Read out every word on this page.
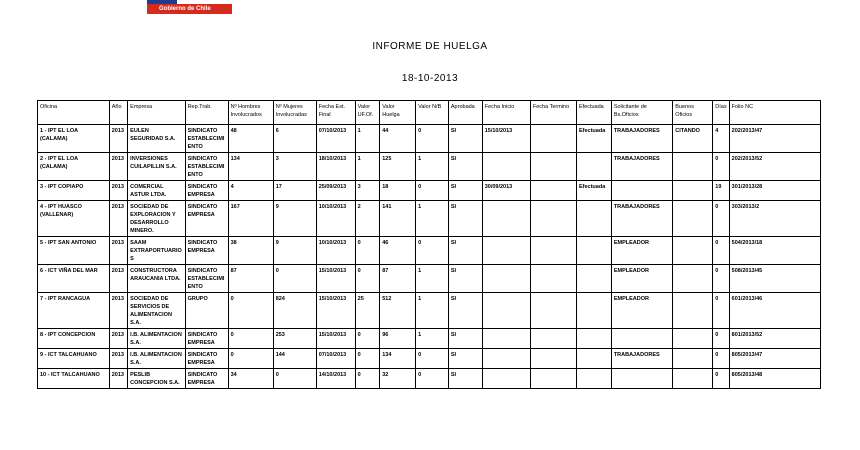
Gobierno de Chile
INFORME DE HUELGA
18-10-2013
Oficina	Año	Empresa	Rep.Trab.	Nº Hombres Involucrados	Nº Mujeres Involucradas	Fecha Est. Final	Valor UF.Of.	Valor Huelga	Valor N/B	Aprobada	Fecha Inicio	Fecha Termino	Efectuada	Solicitante de Bs.Oficios	Buenos Oficios	Días	Folio NC
1 - IPT EL LOA (CALAMA)	2013	EULEN SEGURIDAD S.A.	SINDICATO ESTABLECIMIENTO	48	6	07/10/2013	1	44	0	SI	15/10/2013		Efectuada	TRABAJADORES	CITANDO	4	202/2013/47
2 - IPT EL LOA (CALAMA)	2013	INVERSIONES CUILAPILLIN S.A.	SINDICATO ESTABLECIMIENTO	134	3	18/10/2013	1	125	1	SI				TRABAJADORES		0	202/2013/52
3 - IPT COPIAPO	2013	COMERCIAL ASTUR LTDA.	SINDICATO EMPRESA	4	17	25/09/2013	3	18	0	SI	30/09/2013		Efectuada			19	301/2013/28
4 - IPT HUASCO (VALLENAR)	2013	SOCIEDAD DE EXPLORACION Y DESARROLLO MINERO.	SINDICATO EMPRESA	167	9	10/10/2013	2	141	1	SI				TRABAJADORES		0	303/2013/2
5 - IPT SAN ANTONIO	2013	SAAM EXTRAPORTUARIOS	SINDICATO EMPRESA	38	9	10/10/2013	0	46	0	SI				EMPLEADOR		0	504/2013/18
6 - ICT VIÑA DEL MAR	2013	CONSTRUCTORA ARAUCANIA LTDA.	SINDICATO ESTABLECIMIENTO	87	0	15/10/2013	0	87	1	SI				EMPLEADOR		0	508/2013/45
7 - IPT RANCAGUA	2013	SOCIEDAD DE SERVICIOS DE ALIMENTACION S.A.	GRUPO	0	824	15/10/2013	25	512	1	SI				EMPLEADOR		0	601/2013/46
8 - IPT CONCEPCION	2013	I.B. ALIMENTACION S.A.	SINDICATO EMPRESA	0	253	15/10/2013	0	96	1	SI						0	801/2013/52
9 - ICT TALCAHUANO	2013	I.B. ALIMENTACION S.A.	SINDICATO EMPRESA	0	144	07/10/2013	0	134	0	SI				TRABAJADORES		0	805/2013/47
10 - ICT TALCAHUANO	2013	PESLIB CONCEPCION S.A.	SINDICATO EMPRESA	34	0	14/10/2013	0	32	0	SI						0	805/2013/48
